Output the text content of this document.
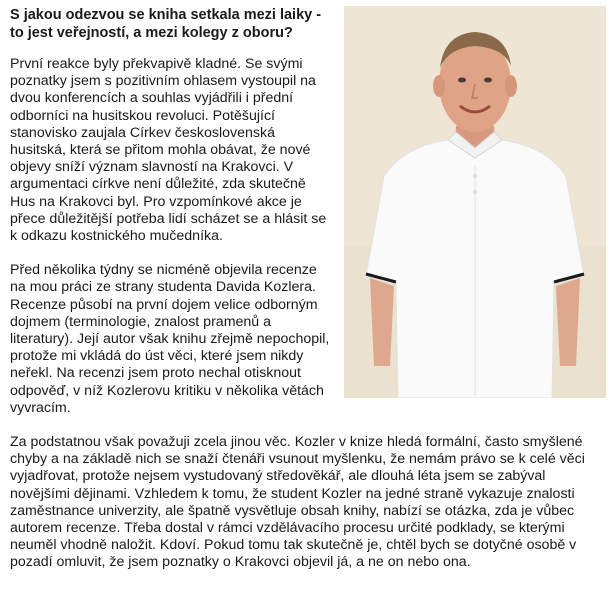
S jakou odezvou se kniha setkala mezi laiky - to jest veřejností, a mezi kolegy z oboru?

První reakce byly překvapivě kladné. Se svými poznatky jsem s pozitivním ohlasem vystoupil na dvou konferencích a souhlas vyjádřili i přední odborníci na husitskou revoluci. Potěšující stanovisko zaujala Církev československá husitská, která se přitom mohla obávat, že nové objevy sníží význam slavností na Krakovci. V argumentaci církve není důležité, zda skutečně Hus na Krakovci byl. Pro vzpomínkové akce je přece důležitější potřeba lidí scházet se a hlásit se k odkazu kostnického mučedníka.

Před několika týdny se nicméně objevila recenze na mou práci ze strany studenta Davida Kozlera. Recenze působí na první dojem velice odborným dojmem (terminologie, znalost pramenů a literatury). Její autor však knihu zřejmě nepochopil, protože mi vkládá do úst věci, které jsem nikdy neřekl. Na recenzi jsem proto nechal otisknout odpověď, v níž Kozlerovu kritiku v několika větách vyvracím.

Za podstatnou však považuji zcela jinou věc. Kozler v knize hledá formální, často smyšlené chyby a na základě nich se snaží čtenáři vsunout myšlenku, že nemám právo se k celé věci vyjadřovat, protože nejsem vystudovaný středověkář, ale dlouhá léta jsem se zabýval novějšími dějinami. Vzhledem k tomu, že student Kozler na jedné straně vykazuje znalosti zaměstnance univerzity, ale špatně vysvětluje obsah knihy, nabízí se otázka, zda je vůbec autorem recenze. Třeba dostal v rámci vzdělávacího procesu určité podklady, se kterými neuměl vhodně naložit. Kdoví. Pokud tomu tak skutečně je, chtěl bych se dotyčné osobě v pozadí omluvit, že jsem poznatky o Krakovci objevil já, a ne on nebo ona.
